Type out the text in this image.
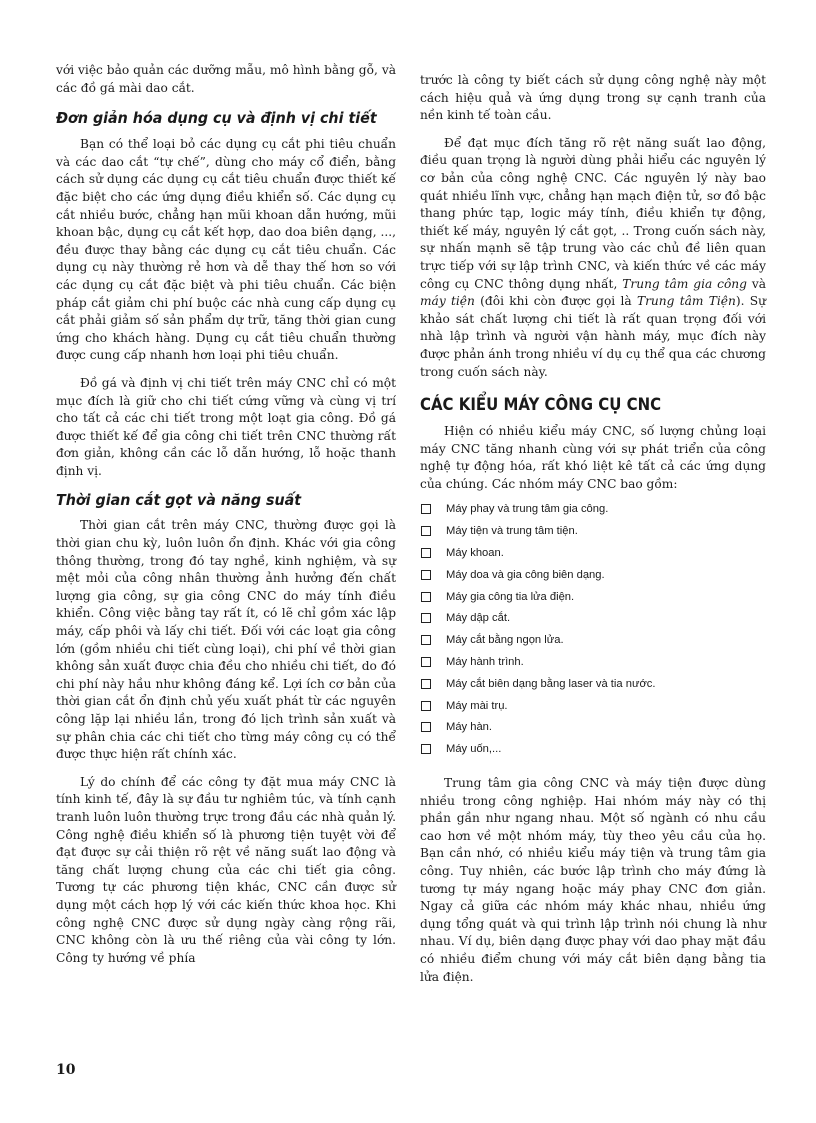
với việc bảo quản các dưỡng mẫu, mô hình bằng gỗ, và các đồ gá mài dao cắt.

Đơn giản hóa dụng cụ và định vị chi tiết

Bạn có thể loại bỏ các dụng cụ cắt phi tiêu chuẩn và các dao cắt “tự chế”, dùng cho máy cổ điển, bằng cách sử dụng các dụng cụ cắt tiêu chuẩn được thiết kế đặc biệt cho các ứng dụng điều khiển số. Các dụng cụ cắt nhiều bước, chẳng hạn mũi khoan dẫn hướng, mũi khoan bậc, dụng cụ cắt kết hợp, dao doa biên dạng, ..., đều được thay bằng các dụng cụ cắt tiêu chuẩn. Các dụng cụ này thường rẻ hơn và dễ thay thế hơn so với các dụng cụ cắt đặc biệt và phi tiêu chuẩn. Các biện pháp cắt giảm chi phí buộc các nhà cung cấp dụng cụ cắt phải giảm số sản phẩm dự trữ, tăng thời gian cung ứng cho khách hàng. Dụng cụ cắt tiêu chuẩn thường được cung cấp nhanh hơn loại phi tiêu chuẩn.

Đồ gá và định vị chi tiết trên máy CNC chỉ có một mục đích là giữ cho chi tiết cứng vững và cùng vị trí cho tất cả các chi tiết trong một loạt gia công. Đồ gá được thiết kế để gia công chi tiết trên CNC thường rất đơn giản, không cần các lỗ dẫn hướng, lỗ hoặc thanh định vị.

Thời gian cắt gọt và năng suất

Thời gian cắt trên máy CNC, thường được gọi là thời gian chu kỳ, luôn luôn ổn định. Khác với gia công thông thường, trong đó tay nghề, kinh nghiệm, và sự mệt mỏi của công nhân thường ảnh hưởng đến chất lượng gia công, sự gia công CNC do máy tính điều khiển. Công việc bằng tay rất ít, có lẽ chỉ gồm xác lập máy, cấp phôi và lấy chi tiết. Đối với các loạt gia công lớn (gồm nhiều chi tiết cùng loại), chi phí về thời gian không sản xuất được chia đều cho nhiều chi tiết, do đó chi phí này hầu như không đáng kể. Lợi ích cơ bản của thời gian cắt ổn định chủ yếu xuất phát từ các nguyên công lặp lại nhiều lần, trong đó lịch trình sản xuất và sự phân chia các chi tiết cho từng máy công cụ có thể được thực hiện rất chính xác.

Lý do chính để các công ty đặt mua máy CNC là tính kinh tế, đây là sự đầu tư nghiêm túc, và tính cạnh tranh luôn luôn thường trực trong đầu các nhà quản lý. Công nghệ điều khiển số là phương tiện tuyệt vời để đạt được sự cải thiện rõ rệt về năng suất lao động và tăng chất lượng chung của các chi tiết gia công. Tương tự các phương tiện khác, CNC cần được sử dụng một cách hợp lý với các kiến thức khoa học. Khi công nghệ CNC được sử dụng ngày càng rộng rãi, CNC không còn là ưu thế riêng của vài công ty lớn. Công ty hướng về phía

trước là công ty biết cách sử dụng công nghệ này một cách hiệu quả và ứng dụng trong sự cạnh tranh của nền kinh tế toàn cầu.

Để đạt mục đích tăng rõ rệt năng suất lao động, điều quan trọng là người dùng phải hiểu các nguyên lý cơ bản của công nghệ CNC. Các nguyên lý này bao quát nhiều lĩnh vực, chẳng hạn mạch điện tử, sơ đồ bậc thang phức tạp, logic máy tính, điều khiển tự động, thiết kế máy, nguyên lý cắt gọt, .. Trong cuốn sách này, sự nhấn mạnh sẽ tập trung vào các chủ đề liên quan trực tiếp với sự lập trình CNC, và kiến thức về các máy công cụ CNC thông dụng nhất, Trung tâm gia công và máy tiện (đôi khi còn được gọi là Trung tâm Tiện). Sự khảo sát chất lượng chi tiết là rất quan trọng đối với nhà lập trình và người vận hành máy, mục đích này được phản ánh trong nhiều ví dụ cụ thể qua các chương trong cuốn sách này.

CÁC KIỂU MÁY CÔNG CỤ CNC

Hiện có nhiều kiểu máy CNC, số lượng chủng loại máy CNC tăng nhanh cùng với sự phát triển của công nghệ tự động hóa, rất khó liệt kê tất cả các ứng dụng của chúng. Các nhóm máy CNC bao gồm:

Máy phay và trung tâm gia công.
Máy tiện và trung tâm tiện.
Máy khoan.
Máy doa và gia công biên dạng.
Máy gia công tia lửa điện.
Máy dập cắt.
Máy cắt bằng ngọn lửa.
Máy hành trình.
Máy cắt biên dạng bằng laser và tia nước.
Máy mài trụ.
Máy hàn.
Máy uốn,...

Trung tâm gia công CNC và máy tiện được dùng nhiều trong công nghiệp. Hai nhóm máy này có thị phần gần như ngang nhau. Một số ngành có nhu cầu cao hơn về một nhóm máy, tùy theo yêu cầu của họ. Bạn cần nhớ, có nhiều kiểu máy tiện và trung tâm gia công. Tuy nhiên, các bước lập trình cho máy đứng là tương tự máy ngang hoặc máy phay CNC đơn giản. Ngay cả giữa các nhóm máy khác nhau, nhiều ứng dụng tổng quát và qui trình lập trình nói chung là như nhau. Ví dụ, biên dạng được phay với dao phay mặt đầu có nhiều điểm chung với máy cắt biên dạng bằng tia lửa điện.

10
